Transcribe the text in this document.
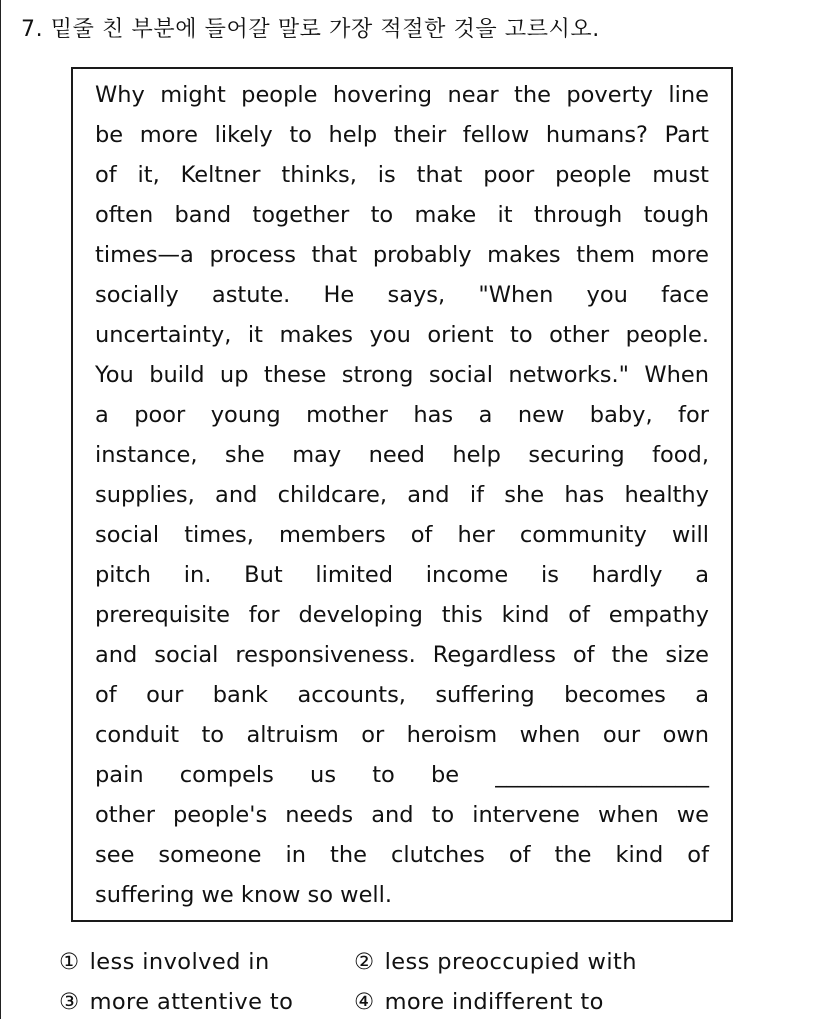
7. 밑줄 친 부분에 들어갈 말로 가장 적절한 것을 고르시오.
Why might people hovering near the poverty line
be more likely to help their fellow humans? Part
of it, Keltner thinks, is that poor people must
often band together to make it through tough
times—a process that probably makes them more
socially astute. He says, "When you face
uncertainty, it makes you orient to other people.
You build up these strong social networks." When
a poor young mother has a new baby, for
instance, she may need help securing food,
supplies, and childcare, and if she has healthy
social times, members of her community will
pitch in. But limited income is hardly a
prerequisite for developing this kind of empathy
and social responsiveness. Regardless of the size
of our bank accounts, suffering becomes a
conduit to altruism or heroism when our own
pain compels us to be ___________________
other people's needs and to intervene when we
see someone in the clutches of the kind of
suffering we know so well.
① less involved in	② less preoccupied with
③ more attentive to	④ more indifferent to
